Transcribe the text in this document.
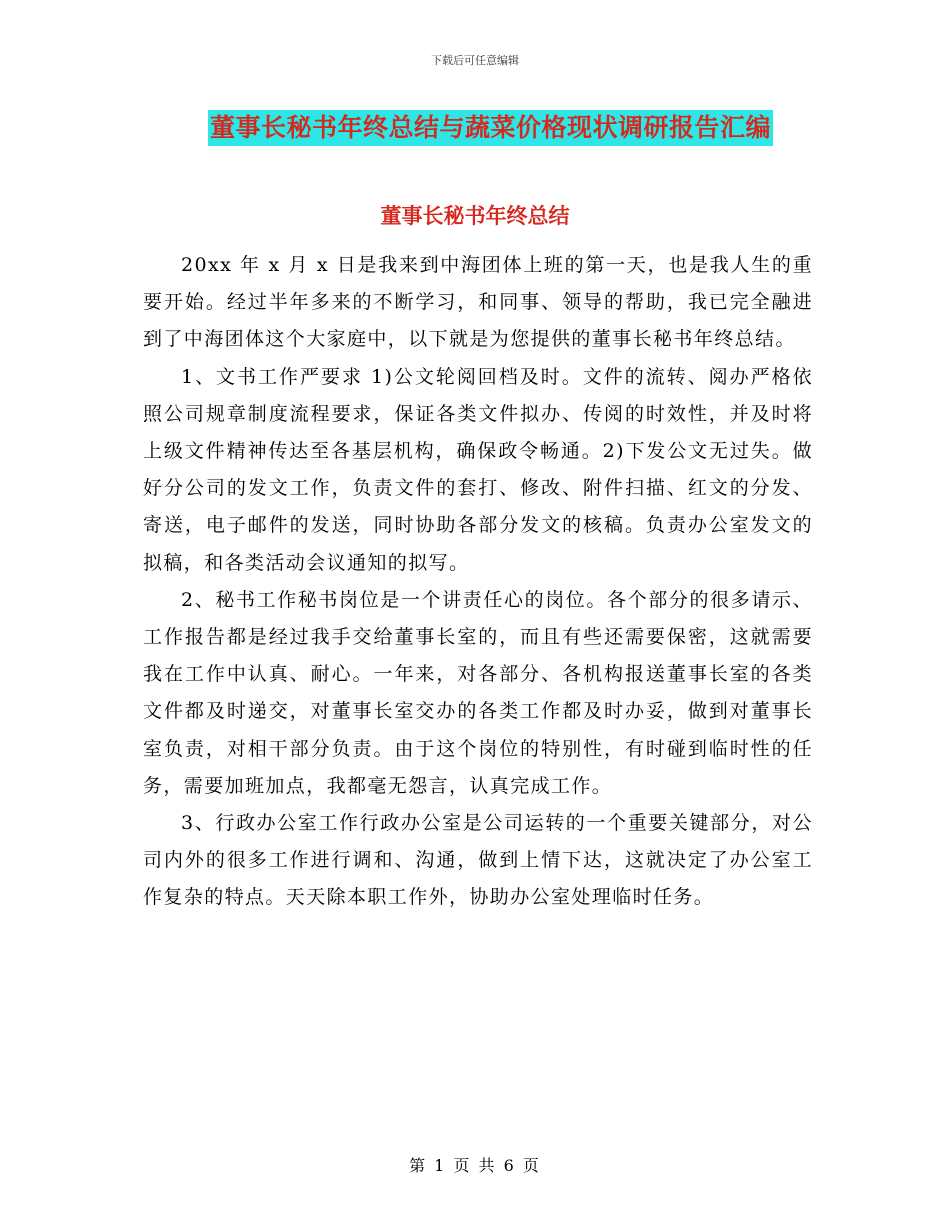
下载后可任意编辑
董事长秘书年终总结与蔬菜价格现状调研报告汇编
董事长秘书年终总结

20xx 年 x 月 x 日是我来到中海团体上班的第一天，也是我人生的重要开始。经过半年多来的不断学习，和同事、领导的帮助，我已完全融进到了中海团体这个大家庭中，以下就是为您提供的董事长秘书年终总结。

1、文书工作严要求 1)公文轮阅回档及时。文件的流转、阅办严格依照公司规章制度流程要求，保证各类文件拟办、传阅的时效性，并及时将上级文件精神传达至各基层机构，确保政令畅通。2)下发公文无过失。做好分公司的发文工作，负责文件的套打、修改、附件扫描、红文的分发、寄送，电子邮件的发送，同时协助各部分发文的核稿。负责办公室发文的拟稿，和各类活动会议通知的拟写。

2、秘书工作秘书岗位是一个讲责任心的岗位。各个部分的很多请示、工作报告都是经过我手交给董事长室的，而且有些还需要保密，这就需要我在工作中认真、耐心。一年来，对各部分、各机构报送董事长室的各类文件都及时递交，对董事长室交办的各类工作都及时办妥，做到对董事长室负责，对相干部分负责。由于这个岗位的特别性，有时碰到临时性的任务，需要加班加点，我都毫无怨言，认真完成工作。

3、行政办公室工作行政办公室是公司运转的一个重要关键部分，对公司内外的很多工作进行调和、沟通，做到上情下达，这就决定了办公室工作复杂的特点。天天除本职工作外，协助办公室处理临时任务。

第 1 页 共 6 页
